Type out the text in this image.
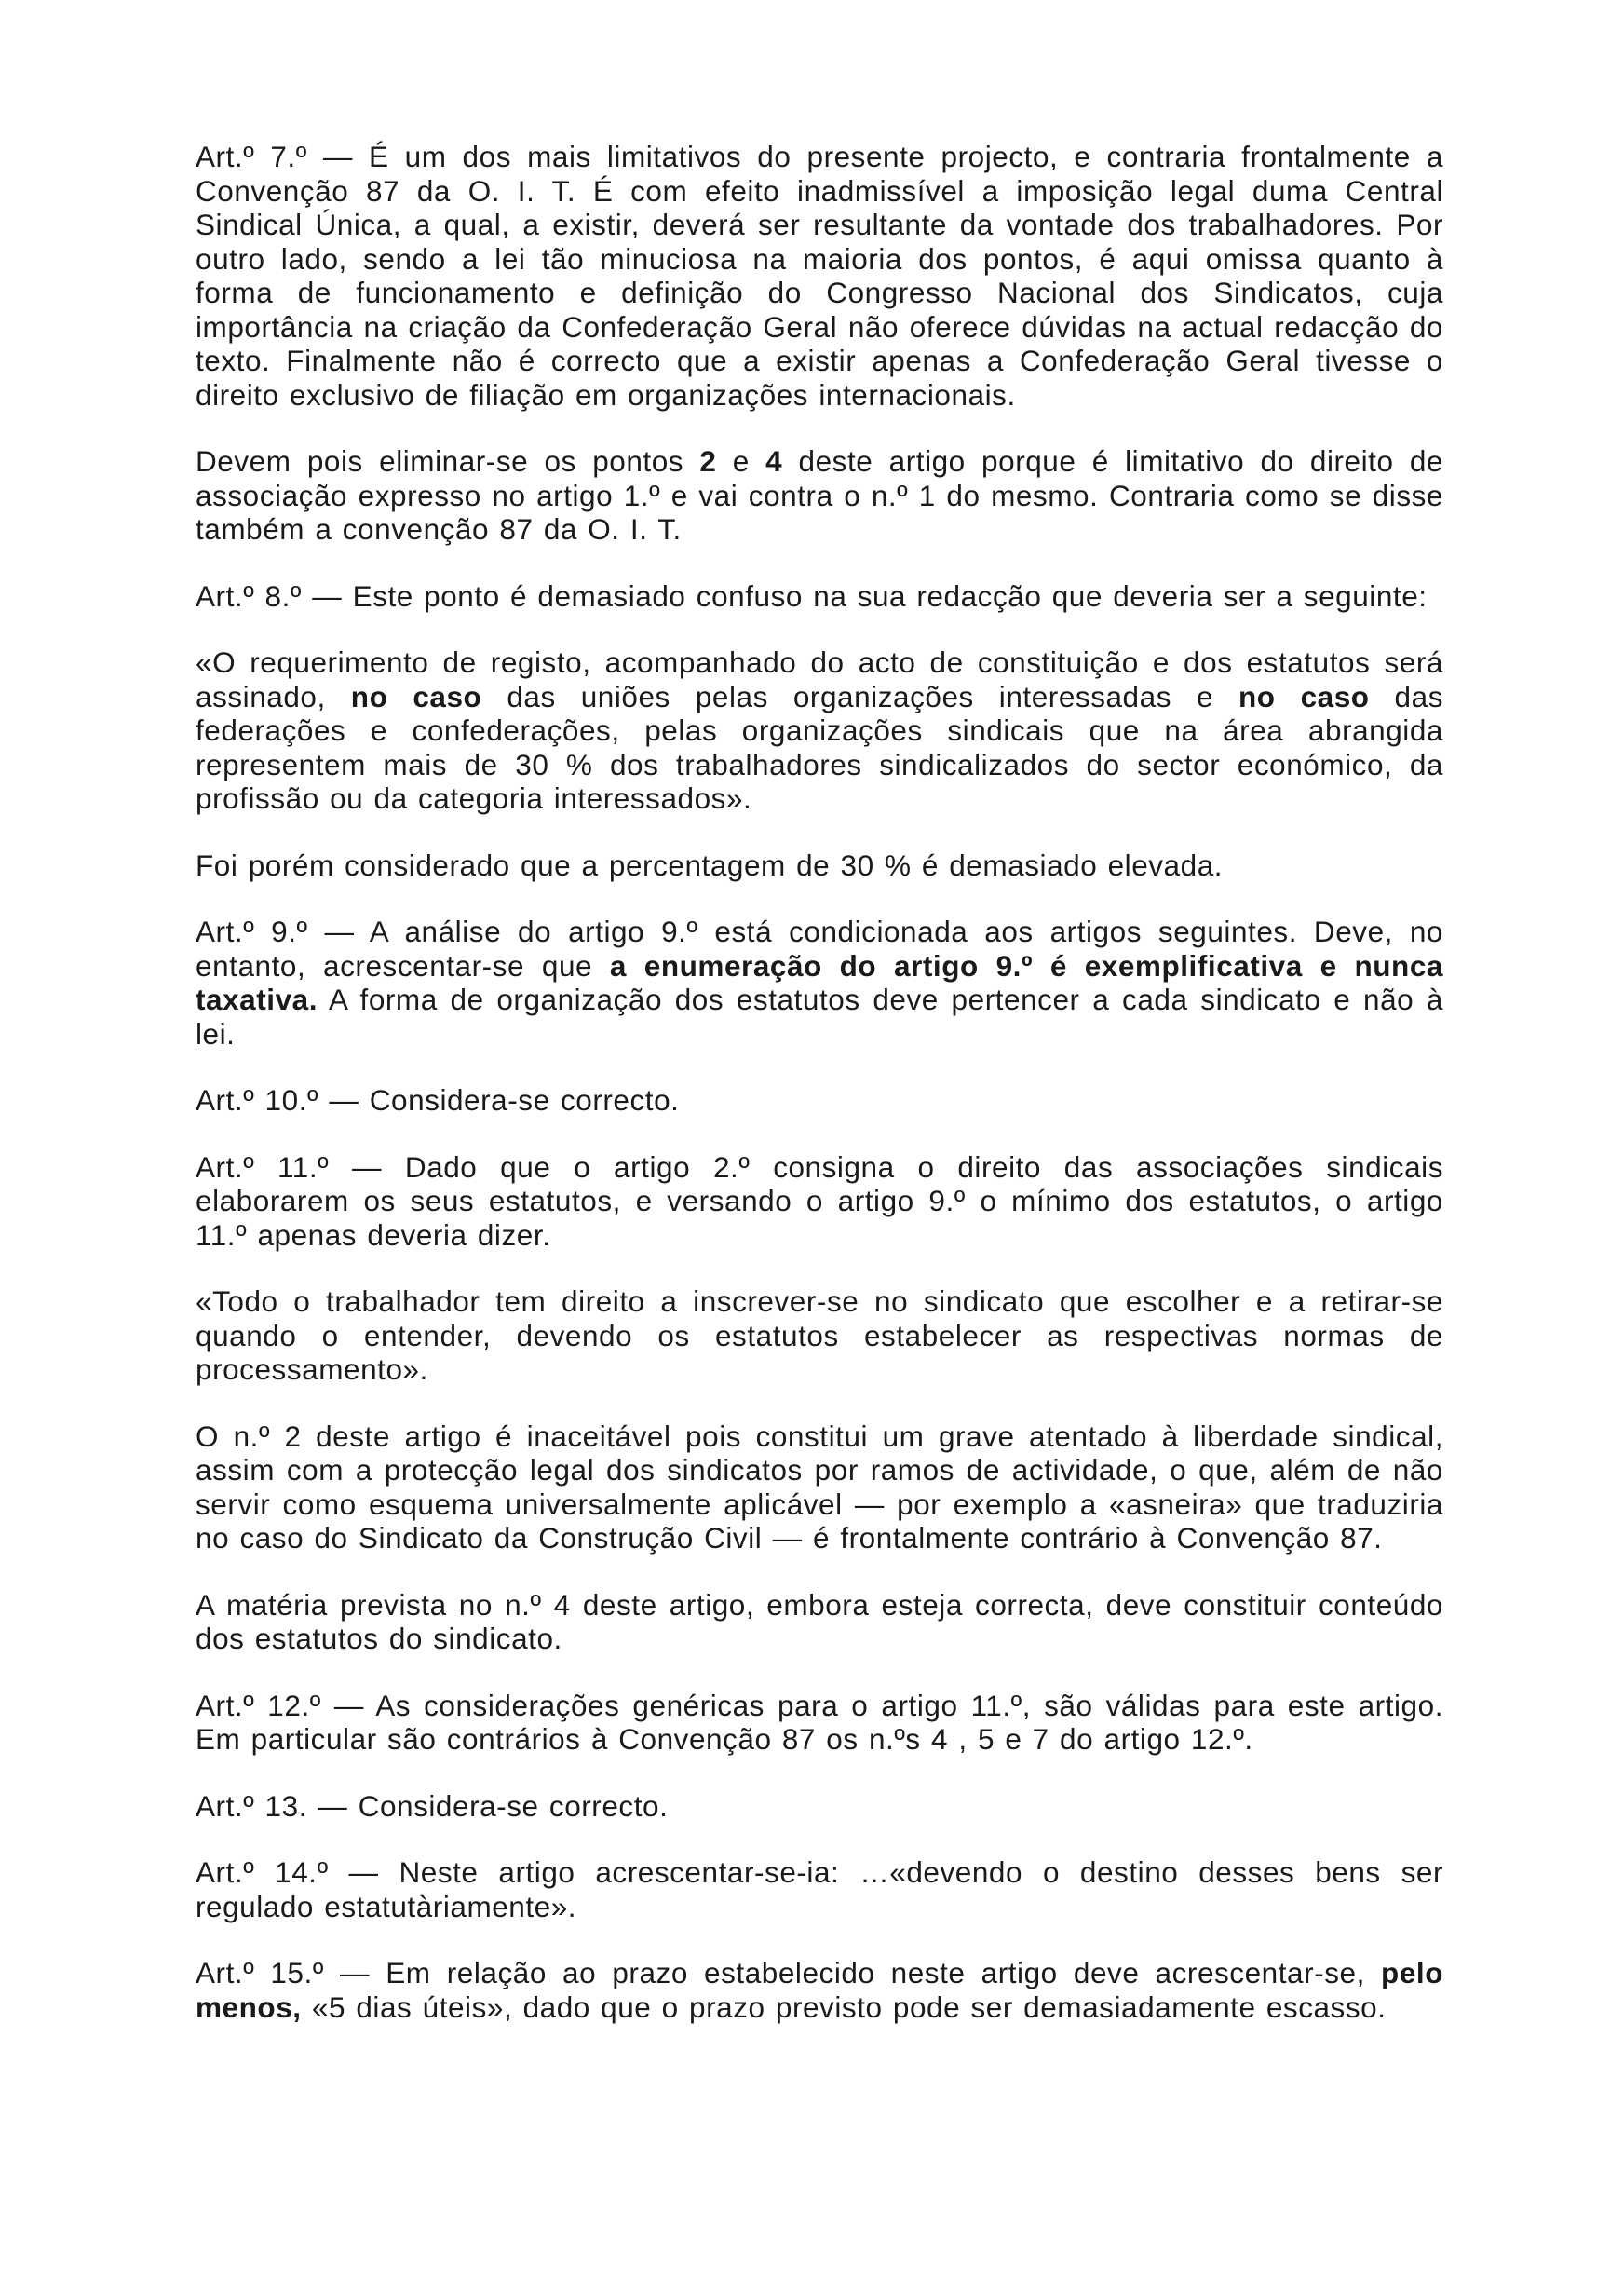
Art.º 7.º — É um dos mais limitativos do presente projecto, e contraria frontalmente a Convenção 87 da O. I. T. É com efeito inadmissível a imposição legal duma Central Sindical Única, a qual, a existir, deverá ser resultante da vontade dos trabalhadores. Por outro lado, sendo a lei tão minuciosa na maioria dos pontos, é aqui omissa quanto à forma de funcionamento e definição do Congresso Nacional dos Sindicatos, cuja importância na criação da Confederação Geral não oferece dúvidas na actual redacção do texto. Finalmente não é correcto que a existir apenas a Confederação Geral tivesse o direito exclusivo de filiação em organizações internacionais.

Devem pois eliminar-se os pontos 2 e 4 deste artigo porque é limitativo do direito de associação expresso no artigo 1.º e vai contra o n.º 1 do mesmo. Contraria como se disse também a convenção 87 da O. I. T.

Art.º 8.º — Este ponto é demasiado confuso na sua redacção que deveria ser a seguinte:

«O requerimento de registo, acompanhado do acto de constituição e dos estatutos será assinado, no caso das uniões pelas organizações interessadas e no caso das federações e confederações, pelas organizações sindicais que na área abrangida representem mais de 30 % dos trabalhadores sindicalizados do sector económico, da profissão ou da categoria interessados».

Foi porém considerado que a percentagem de 30 % é demasiado elevada.

Art.º 9.º — A análise do artigo 9.º está condicionada aos artigos seguintes. Deve, no entanto, acrescentar-se que a enumeração do artigo 9.º é exemplificativa e nunca taxativa. A forma de organização dos estatutos deve pertencer a cada sindicato e não à lei.

Art.º 10.º — Considera-se correcto.

Art.º 11.º — Dado que o artigo 2.º consigna o direito das associações sindicais elaborarem os seus estatutos, e versando o artigo 9.º o mínimo dos estatutos, o artigo 11.º apenas deveria dizer.

«Todo o trabalhador tem direito a inscrever-se no sindicato que escolher e a retirar-se quando o entender, devendo os estatutos estabelecer as respectivas normas de processamento».

O n.º 2 deste artigo é inaceitável pois constitui um grave atentado à liberdade sindical, assim com a protecção legal dos sindicatos por ramos de actividade, o que, além de não servir como esquema universalmente aplicável — por exemplo a «asneira» que traduziria no caso do Sindicato da Construção Civil — é frontalmente contrário à Convenção 87.

A matéria prevista no n.º 4 deste artigo, embora esteja correcta, deve constituir conteúdo dos estatutos do sindicato.

Art.º 12.º — As considerações genéricas para o artigo 11.º, são válidas para este artigo. Em particular são contrários à Convenção 87 os n.ºs 4 , 5 e 7 do artigo 12.º.

Art.º 13. — Considera-se correcto.

Art.º 14.º — Neste artigo acrescentar-se-ia: …«devendo o destino desses bens ser regulado estatutàriamente».

Art.º 15.º — Em relação ao prazo estabelecido neste artigo deve acrescentar-se, pelo menos, «5 dias úteis», dado que o prazo previsto pode ser demasiadamente escasso.
